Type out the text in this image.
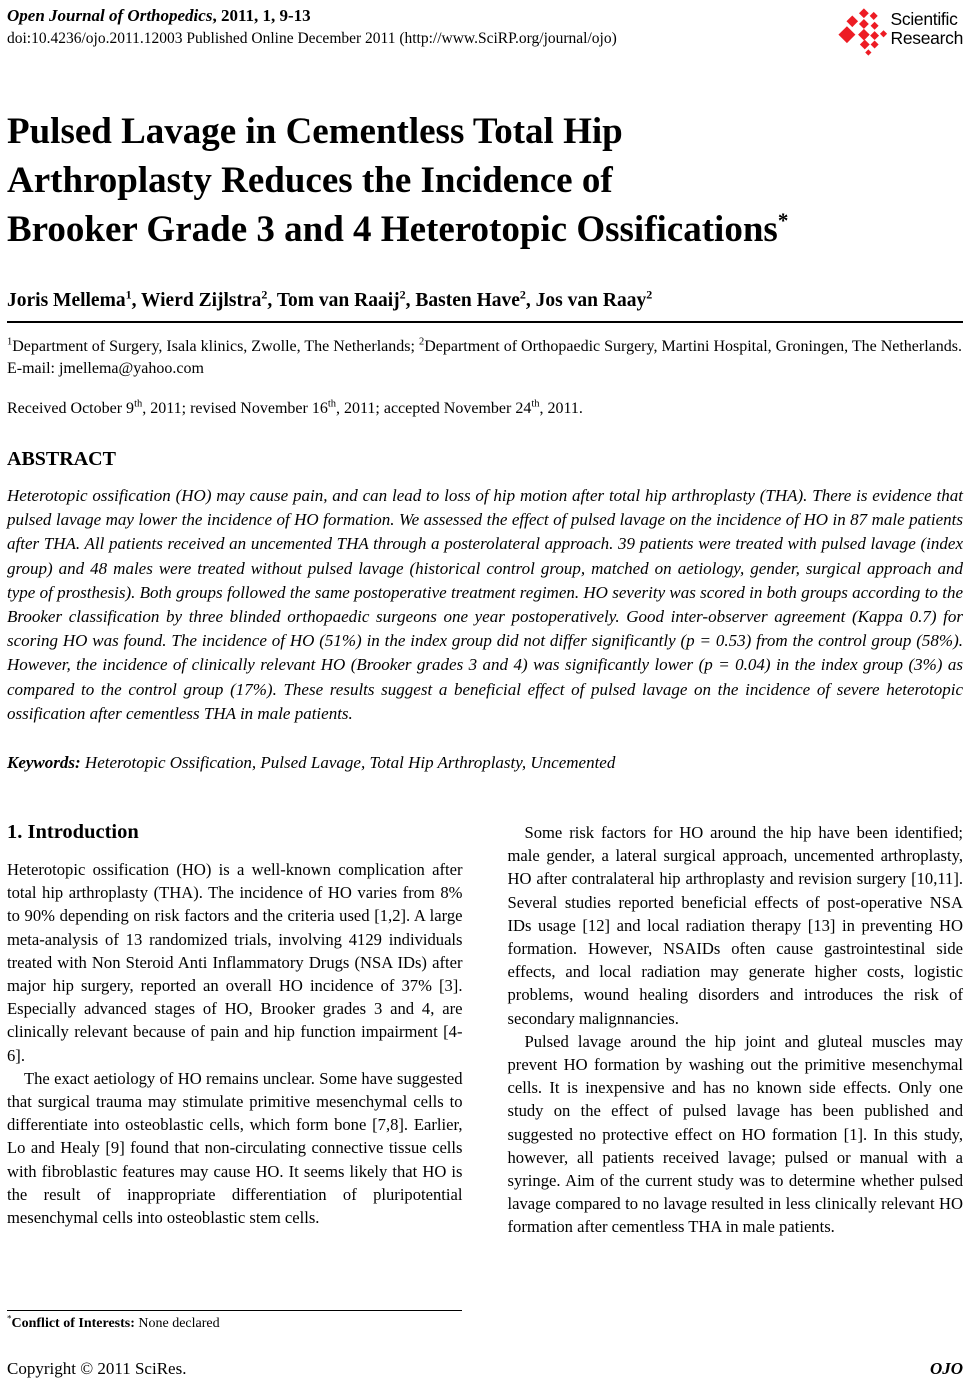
Open Journal of Orthopedics, 2011, 1, 9-13
doi:10.4236/ojo.2011.12003 Published Online December 2011 (http://www.SciRP.org/journal/ojo)
Scientific
Research
Pulsed Lavage in Cementless Total Hip
Arthroplasty Reduces the Incidence of
Brooker Grade 3 and 4 Heterotopic Ossifications*
Joris Mellema$^1$, Wierd Zijlstra$^2$, Tom van Raaij$^2$, Basten Have$^2$, Jos van Raay$^2$
$^1$Department of Surgery, Isala klinics, Zwolle, The Netherlands; $^2$Department of Orthopaedic Surgery, Martini Hospital, Groningen, The Netherlands.
E-mail: jmellema@yahoo.com
Received October 9th, 2011; revised November 16th, 2011; accepted November 24th, 2011.
ABSTRACT

Heterotopic ossification (HO) may cause pain, and can lead to loss of hip motion after total hip arthroplasty (THA). There is evidence that pulsed lavage may lower the incidence of HO formation. We assessed the effect of pulsed lavage on the incidence of HO in 87 male patients after THA. All patients received an uncemented THA through a posterolateral approach. 39 patients were treated with pulsed lavage (index group) and 48 males were treated without pulsed lavage (historical control group, matched on aetiology, gender, surgical approach and type of prosthesis). Both groups followed the same postoperative treatment regimen. HO severity was scored in both groups according to the Brooker classification by three blinded orthopaedic surgeons one year postoperatively. Good inter-observer agreement (Kappa 0.7) for scoring HO was found. The incidence of HO (51%) in the index group did not differ significantly (p = 0.53) from the control group (58%). However, the incidence of clinically relevant HO (Brooker grades 3 and 4) was significantly lower (p = 0.04) in the index group (3%) as compared to the control group (17%). These results suggest a beneficial effect of pulsed lavage on the incidence of severe heterotopic ossification after cementless THA in male patients.

Keywords: Heterotopic Ossification, Pulsed Lavage, Total Hip Arthroplasty, Uncemented

1. Introduction

Heterotopic ossification (HO) is a well-known complication after total hip arthroplasty (THA). The incidence of HO varies from 8% to 90% depending on risk factors and the criteria used [1,2]. A large meta-analysis of 13 randomized trials, involving 4129 individuals treated with Non Steroid Anti Inflammatory Drugs (NSA IDs) after major hip surgery, reported an overall HO incidence of 37% [3]. Especially advanced stages of HO, Brooker grades 3 and 4, are clinically relevant because of pain and hip function impairment [4-6].

The exact aetiology of HO remains unclear. Some have suggested that surgical trauma may stimulate primitive mesenchymal cells to differentiate into osteoblastic cells, which form bone [7,8]. Earlier, Lo and Healy [9] found that non-circulating connective tissue cells with fibroblastic features may cause HO. It seems likely that HO is the result of inappropriate differentiation of pluripotential mesenchymal cells into osteoblastic stem cells.

Some risk factors for HO around the hip have been identified; male gender, a lateral surgical approach, uncemented arthroplasty, HO after contralateral hip arthroplasty and revision surgery [10,11]. Several studies reported beneficial effects of post-operative NSA IDs usage [12] and local radiation therapy [13] in preventing HO formation. However, NSAIDs often cause gastrointestinal side effects, and local radiation may generate higher costs, logistic problems, wound healing disorders and introduces the risk of secondary malignnancies.

Pulsed lavage around the hip joint and gluteal muscles may prevent HO formation by washing out the primitive mesenchymal cells. It is inexpensive and has no known side effects. Only one study on the effect of pulsed lavage has been published and suggested no protective effect on HO formation [1]. In this study, however, all patients received lavage; pulsed or manual with a syringe. Aim of the current study was to determine whether pulsed lavage compared to no lavage resulted in less clinically relevant HO formation after cementless THA in male patients.

*Conflict of Interests: None declared
Copyright © 2011 SciRes.	OJO
